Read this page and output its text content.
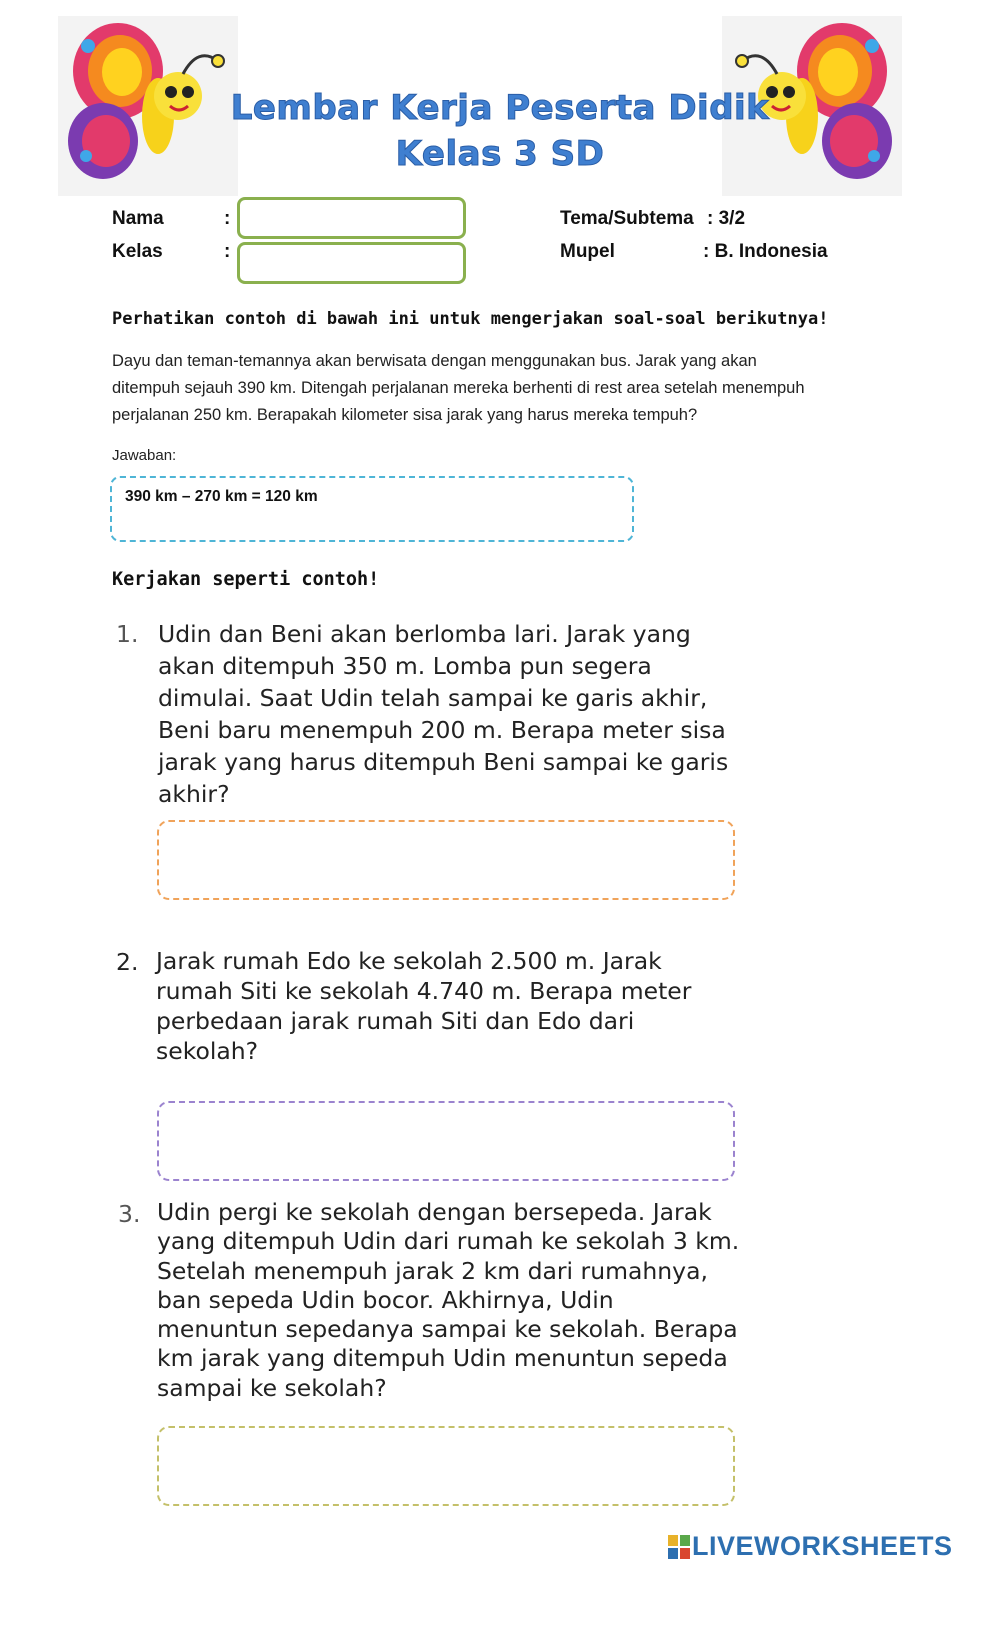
Lembar Kerja Peserta Didik
Kelas 3 SD
Nama	:
Kelas	:
Tema/Subtema : 3/2
Mupel	: B. Indonesia
Perhatikan contoh di bawah ini untuk mengerjakan soal-soal berikutnya!
Dayu dan teman-temannya akan berwisata dengan menggunakan bus. Jarak yang akan
ditempuh sejauh 390 km. Ditengah perjalanan mereka berhenti di rest area setelah menempuh
perjalanan 250 km. Berapakah kilometer sisa jarak yang harus mereka tempuh?
Jawaban:
390 km – 270 km = 120 km
Kerjakan seperti contoh!
1. Udin dan Beni akan berlomba lari. Jarak yang
akan ditempuh 350 m. Lomba pun segera
dimulai. Saat Udin telah sampai ke garis akhir,
Beni baru menempuh 200 m. Berapa meter sisa
jarak yang harus ditempuh Beni sampai ke garis
akhir?
2. Jarak rumah Edo ke sekolah 2.500 m. Jarak
rumah Siti ke sekolah 4.740 m. Berapa meter
perbedaan jarak rumah Siti dan Edo dari
sekolah?
3. Udin pergi ke sekolah dengan bersepeda. Jarak
yang ditempuh Udin dari rumah ke sekolah 3 km.
Setelah menempuh jarak 2 km dari rumahnya,
ban sepeda Udin bocor. Akhirnya, Udin
menuntun sepedanya sampai ke sekolah. Berapa
km jarak yang ditempuh Udin menuntun sepeda
sampai ke sekolah?
LIVEWORKSHEETS
